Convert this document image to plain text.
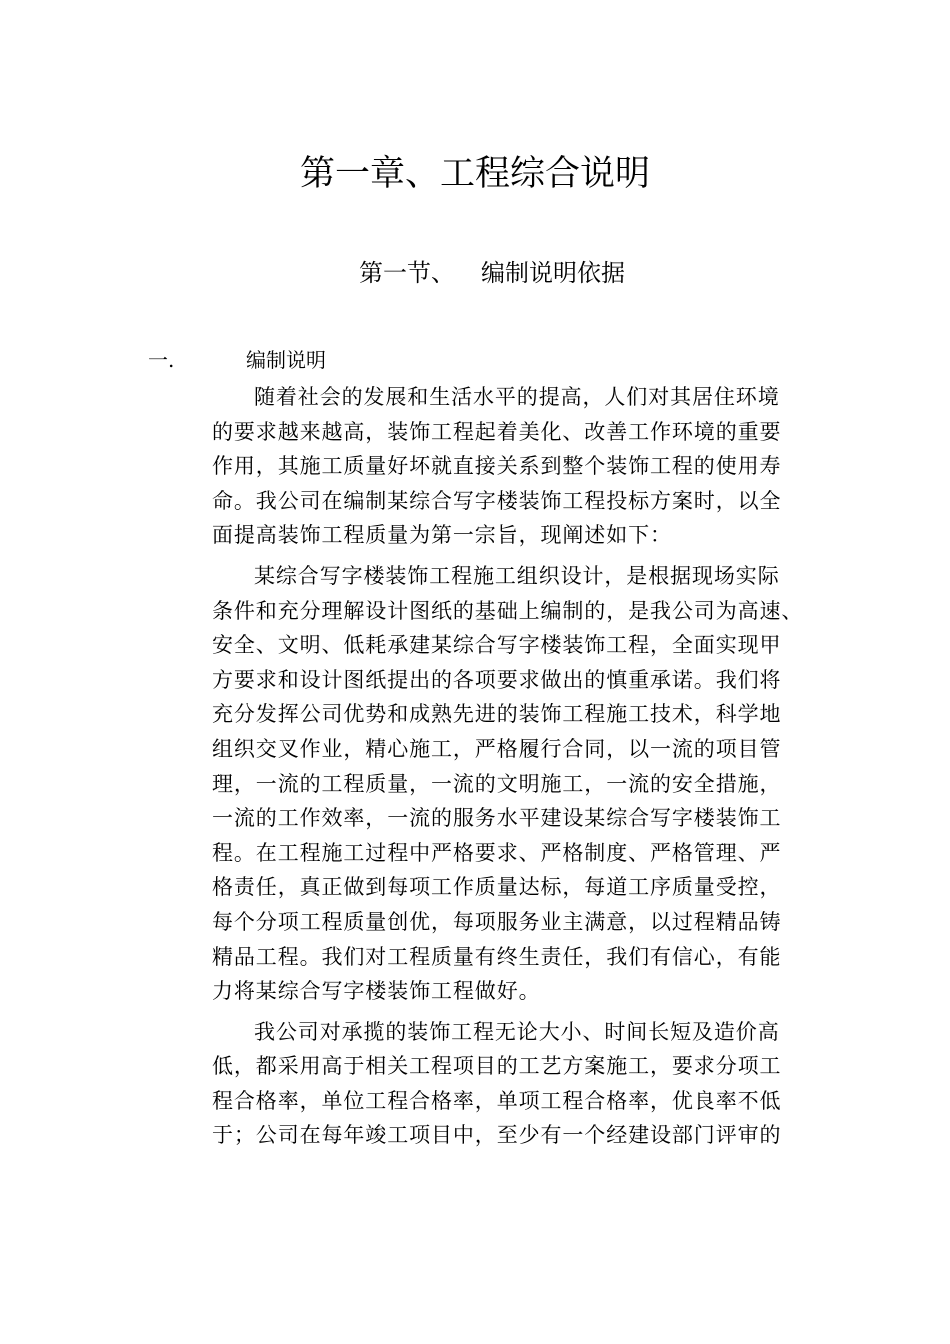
第一章、工程综合说明
第一节、 编制说明依据
一.	编制说明
随着社会的发展和生活水平的提高，人们对其居住环境
的要求越来越高，装饰工程起着美化、改善工作环境的重要
作用，其施工质量好坏就直接关系到整个装饰工程的使用寿
命。我公司在编制某综合写字楼装饰工程投标方案时，以全
面提高装饰工程质量为第一宗旨，现阐述如下：
某综合写字楼装饰工程施工组织设计，是根据现场实际
条件和充分理解设计图纸的基础上编制的，是我公司为高速、
安全、文明、低耗承建某综合写字楼装饰工程，全面实现甲
方要求和设计图纸提出的各项要求做出的慎重承诺。我们将
充分发挥公司优势和成熟先进的装饰工程施工技术，科学地
组织交叉作业，精心施工，严格履行合同，以一流的项目管
理，一流的工程质量，一流的文明施工，一流的安全措施，
一流的工作效率，一流的服务水平建设某综合写字楼装饰工
程。在工程施工过程中严格要求、严格制度、严格管理、严
格责任，真正做到每项工作质量达标，每道工序质量受控，
每个分项工程质量创优，每项服务业主满意，以过程精品铸
精品工程。我们对工程质量有终生责任，我们有信心，有能
力将某综合写字楼装饰工程做好。
我公司对承揽的装饰工程无论大小、时间长短及造价高
低，都采用高于相关工程项目的工艺方案施工，要求分项工
程合格率，单位工程合格率，单项工程合格率，优良率不低
于；公司在每年竣工项目中，至少有一个经建设部门评审的
